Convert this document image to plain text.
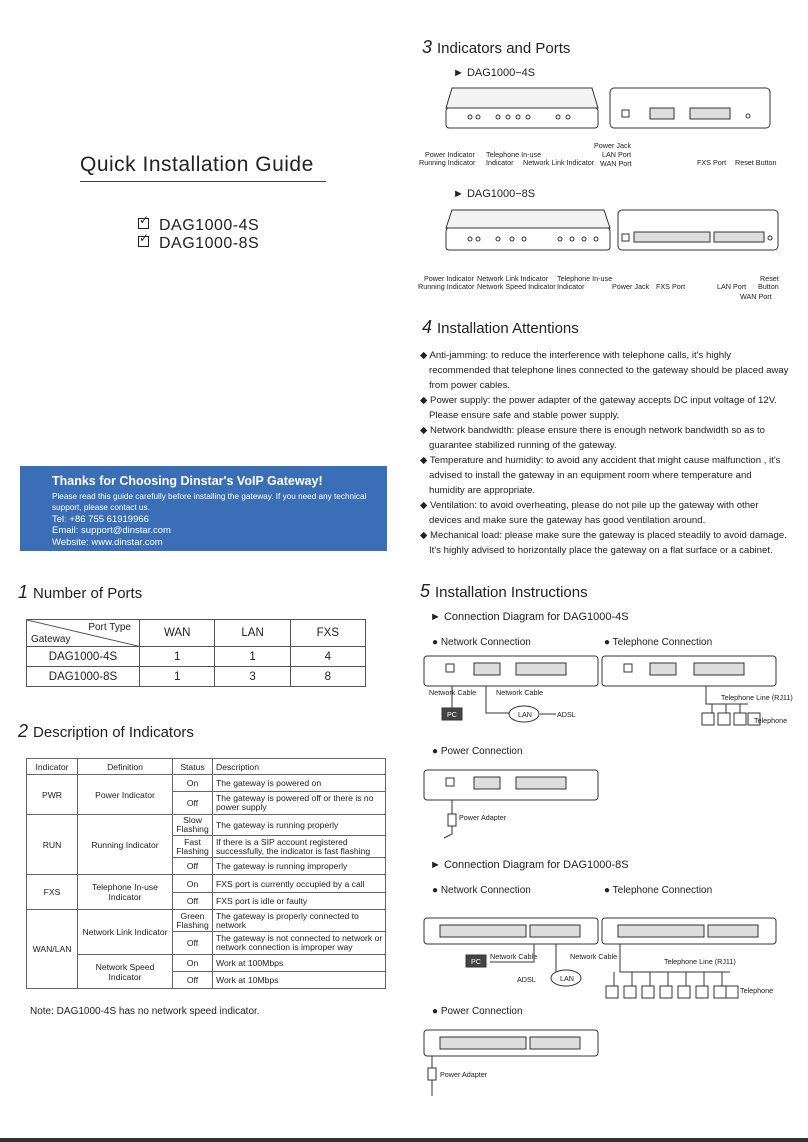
Quick Installation Guide
✓DAG1000-4S
✓DAG1000-8S
Thanks for Choosing Dinstar's VoIP Gateway!
Please read this guide carefully before installing the gateway. If you need any technical support, please contact us.
Tel: +86 755 61919966
Email: support@dinstar.com
Website: www.dinstar.com
1 Number of Ports
Port Type
Gateway	WAN	LAN	FXS
DAG1000-4S	1	1	4
DAG1000-8S	1	3	8
2 Description of Indicators
Indicator	Definition	Status	Description
PWR	Power Indicator	On	The gateway is powered on
		Off	The gateway is powered off or there is no power supply
RUN	Running Indicator	Slow Flashing	The gateway is running properly
		Fast Flashing	If there is a SIP account registered successfully, the indicator is fast flashing
		Off	The gateway is running improperly
FXS	Telephone In-use Indicator	On	FXS port is currently occupied by a call
		Off	FXS port is idle or faulty
WAN/LAN	Network Link Indicator	Green Flashing	The gateway is properly connected to network
		Off	The gateway is not connected to network or network connection is improper way
	Network Speed Indicator	On	Work at 100Mbps
		Off	Work at 10Mbps
Note: DAG1000-4S has no network speed indicator.
3 Indicators and Ports
► DAG1000−4S
Power Indicator
Running Indicator
Telephone In-use
Indicator Network Link Indicator
Power Jack
LAN Port
WAN Port	FXS Port Reset Button
► DAG1000−8S
Power Indicator
Running Indicator
Network Link Indicator
Network Speed Indicator
Telephone In-use
Indicator	Power Jack FXS Port	LAN Port
Reset
Button
WAN Port
4 Installation Attentions
◆ Anti-jamming: to reduce the interference with telephone calls, it's highly recommended that telephone lines connected to the gateway should be placed away from power cables.
◆ Power supply: the power adapter of the gateway accepts DC input voltage of 12V. Please ensure safe and stable power supply.
◆ Network bandwidth: please ensure there is enough network bandwidth so as to guarantee stabilized running of the gateway.
◆ Temperature and humidity: to avoid any accident that might cause malfunction , it's advised to install the gateway in an equipment room where temperature and humidity are appropriate.
◆ Ventilation: to avoid overheating, please do not pile up the gateway with other devices and make sure the gateway has good ventilation around.
◆ Mechanical load: please make sure the gateway is placed steadily to avoid damage. It's highly advised to horizontally place the gateway on a flat surface or a cabinet.
5 Installation Instructions
► Connection Diagram for DAG1000-4S
● Network Connection	● Telephone Connection
Network Cable	Network Cable
PC	LAN	ADSL
Telephone Line (RJ11)
Telephone
● Power Connection
Power Adapter
► Connection Diagram for DAG1000-8S
● Network Connection	● Telephone Connection
Network Cable	Network Cable
PC
ADSL	LAN
Telephone Line (RJ11)
Telephone
● Power Connection
Power Adapter
